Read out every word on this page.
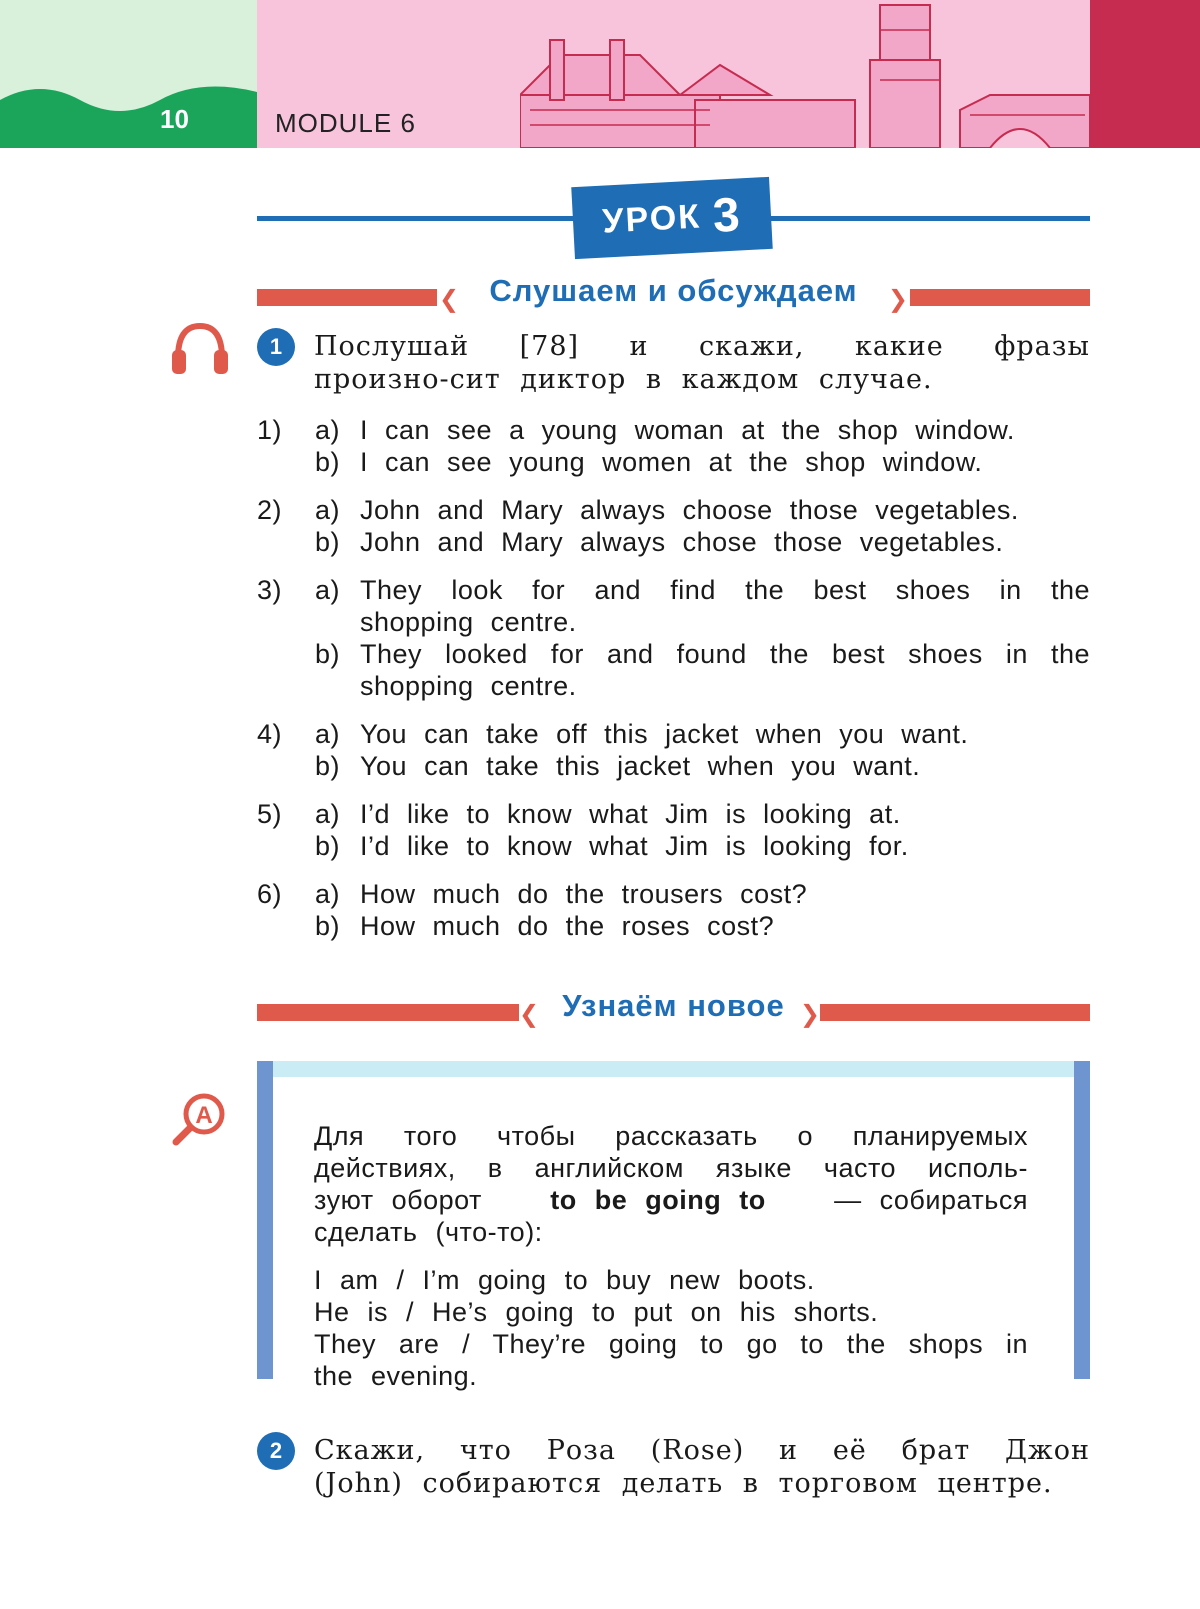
10	MODULE 6
УРОК 3
❮	❯
Слушаем и обсуждаем
1	Послушай [78] и скажи, какие фразы произно-сит диктор в каждом случае.
1) a) I can see a young woman at the shop window.
b) I can see young women at the shop window.
2) a) John and Mary always choose those vegetables.
b) John and Mary always chose those vegetables.
3) a) They look for and find the best shoes in the
shopping centre.
b) They looked for and found the best shoes in the
shopping centre.
4) a) You can take off this jacket when you want.
b) You can take this jacket when you want.
5) a) I’d like to know what Jim is looking at.
b) I’d like to know what Jim is looking for.
6) a) How much do the trousers cost?
b) How much do the roses cost?
❮	❯
Узнаём новое
A
Для того чтобы рассказать о планируемых
действиях, в английском языке часто исполь-
зуют оборот	to be going to	— собираться
сделать (что-то):
I am / I’m going to buy new boots.
He is / He’s going to put on his shorts.
They are / They’re going to go to the shops in
the evening.
2	Скажи, что Роза (Rose) и её брат Джон (John) собираются делать в торговом центре.
